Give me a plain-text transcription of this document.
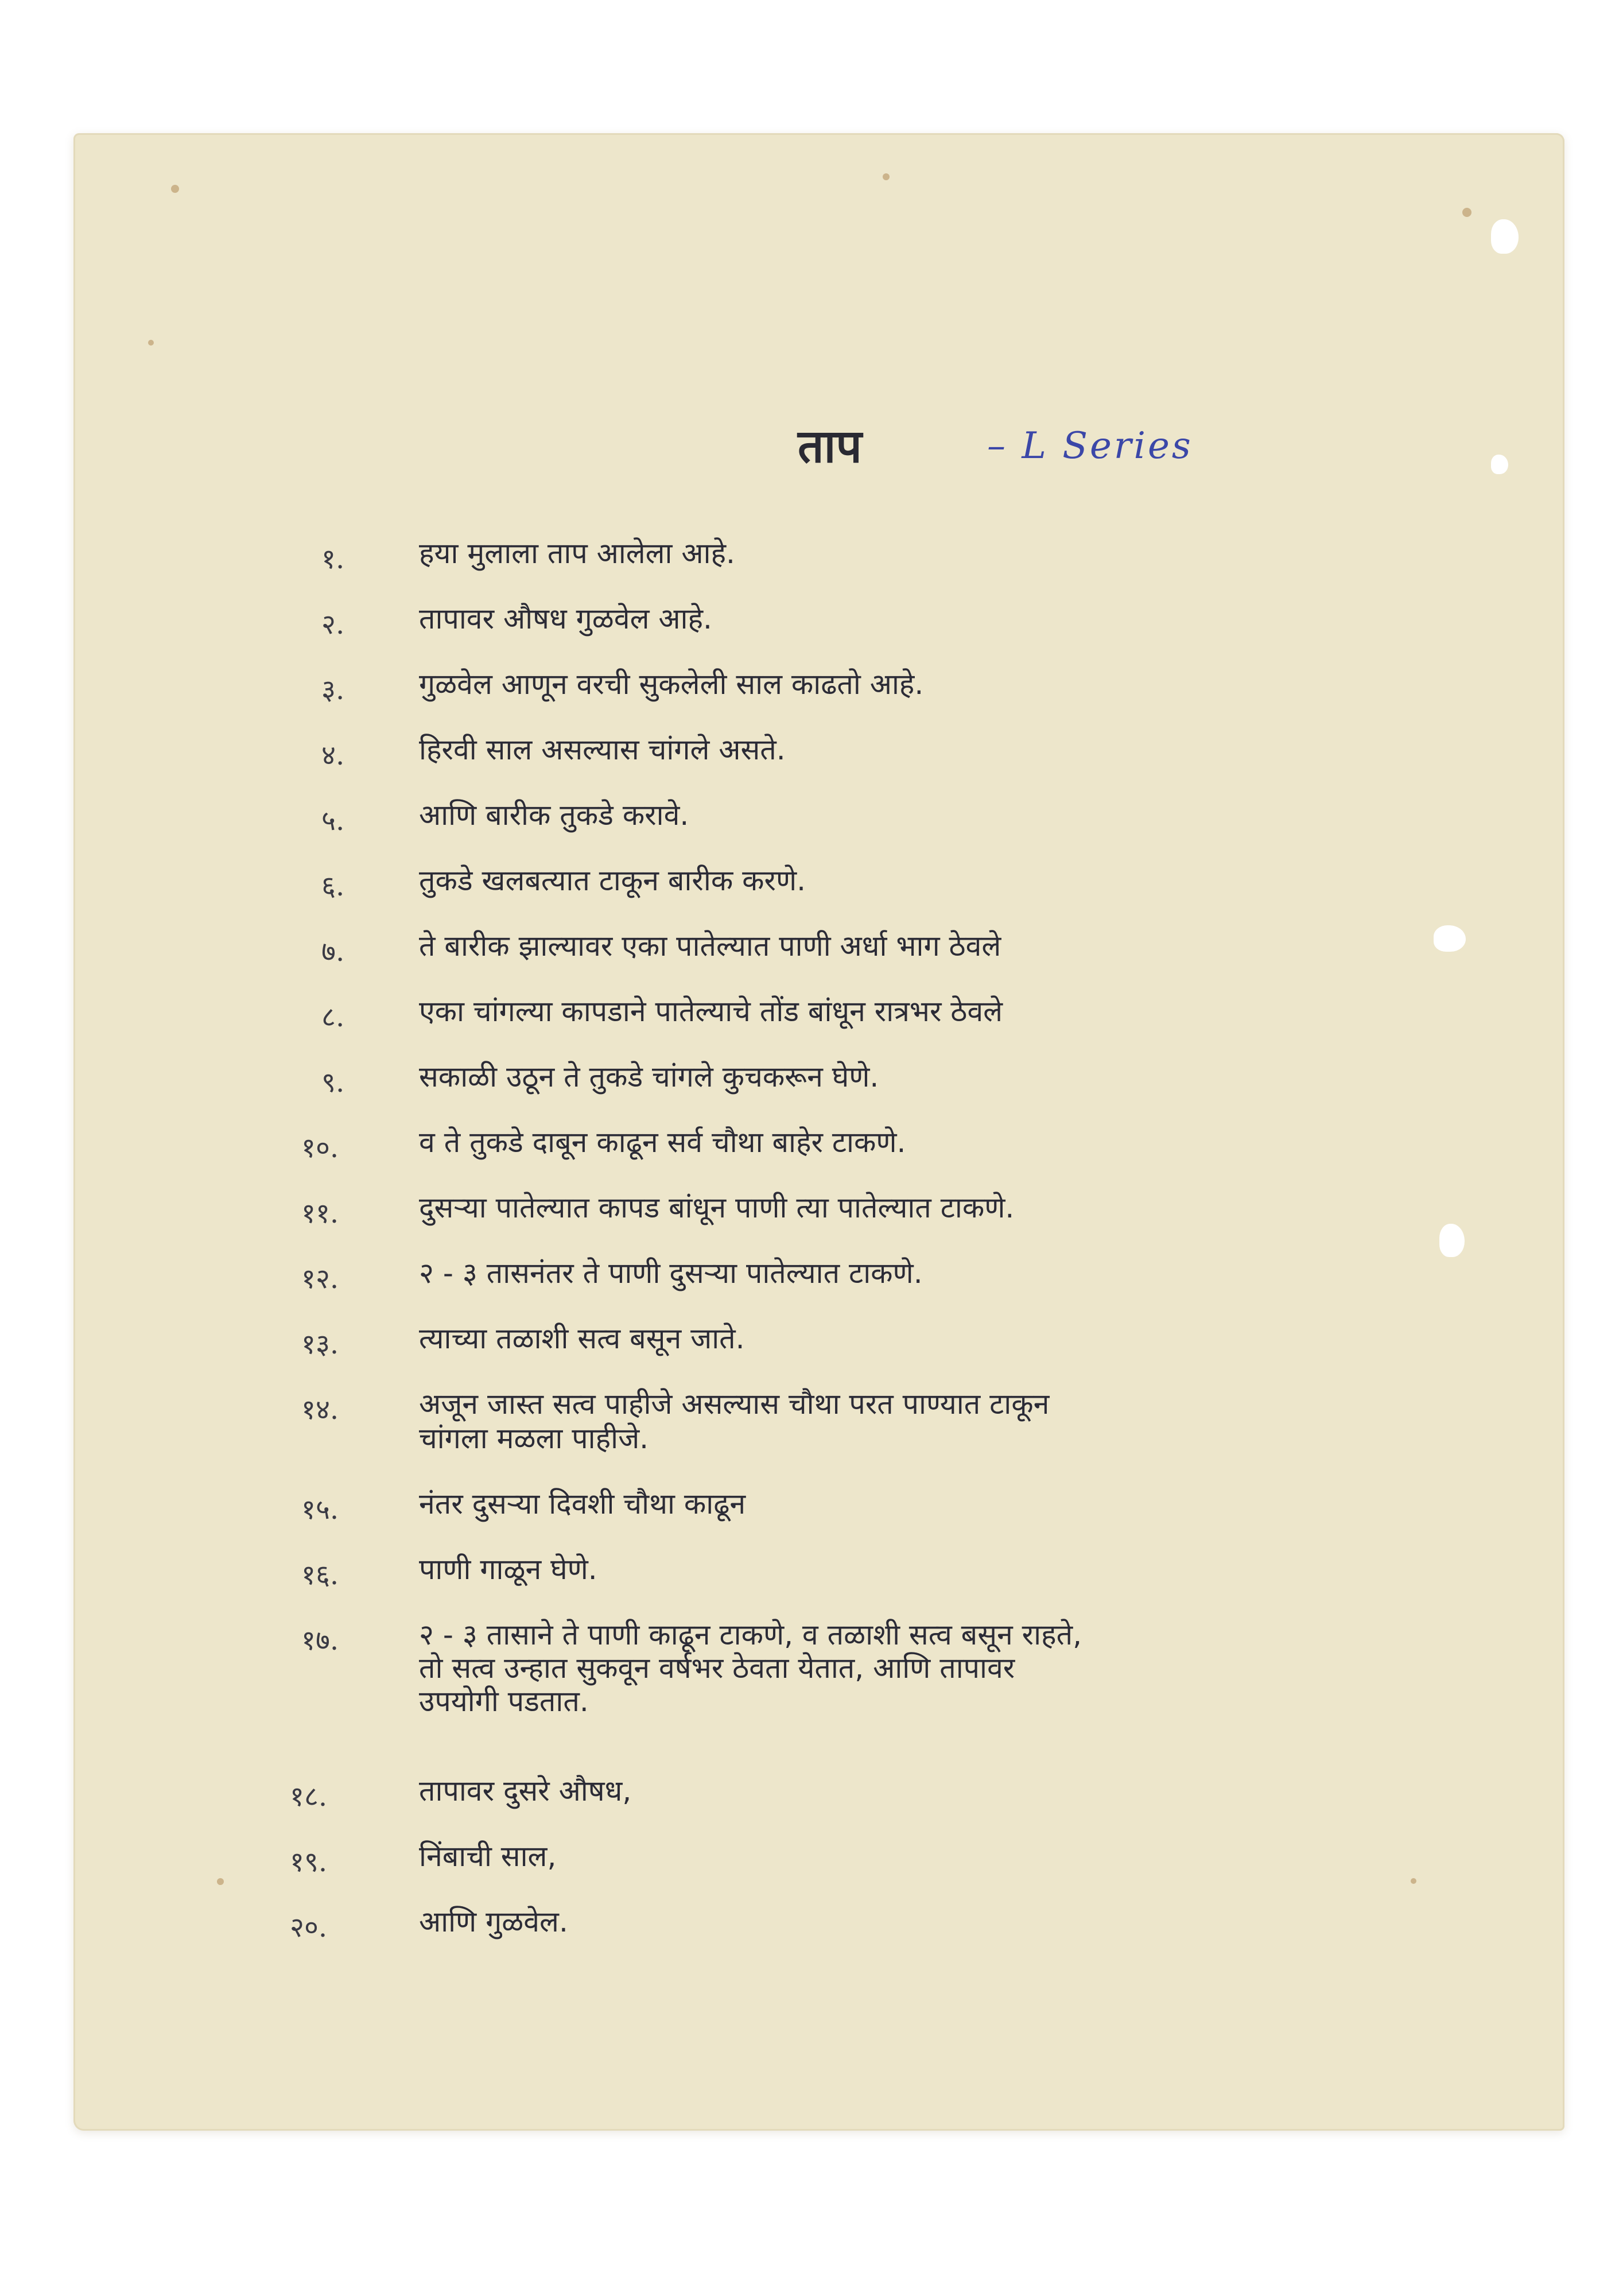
ताप	– L Series

१.	हया मुलाला ताप आलेला आहे.
२.	तापावर औषध गुळवेल आहे.
३.	गुळवेल आणून वरची सुकलेली साल काढतो आहे.
४.	हिरवी साल असल्यास चांगले असते.
५.	आणि बारीक तुकडे करावे.
६.	तुकडे खलबत्यात टाकून बारीक करणे.
७.	ते बारीक झाल्यावर एका पातेल्यात पाणी अर्धा भाग ठेवले
८.	एका चांगल्या कापडाने पातेल्याचे तोंड बांधून रात्रभर ठेवले
९.	सकाळी उठून ते तुकडे चांगले कुचकरून घेणे.
१०.	व ते तुकडे दाबून काढून सर्व चौथा बाहेर टाकणे.
११.	दुसऱ्या पातेल्यात कापड बांधून पाणी त्या पातेल्यात टाकणे.
१२.	२ - ३ तासनंतर ते पाणी दुसऱ्या पातेल्यात टाकणे.
१३.	त्याच्या तळाशी सत्व बसून जाते.
१४.	अजून जास्त सत्व पाहीजे असल्यास चौथा परत पाण्यात टाकून
चांगला मळला पाहीजे.
१५.	नंतर दुसऱ्या दिवशी चौथा काढून
१६.	पाणी गाळून घेणे.
१७.	२ - ३ तासाने ते पाणी काढून टाकणे, व तळाशी सत्व बसून राहते,
तो सत्व उन्हात सुकवून वर्षभर ठेवता येतात, आणि तापावर
उपयोगी पडतात.
१८.	तापावर दुसरे औषध,
१९.	निंबाची साल,
२०.	आणि गुळवेल.
